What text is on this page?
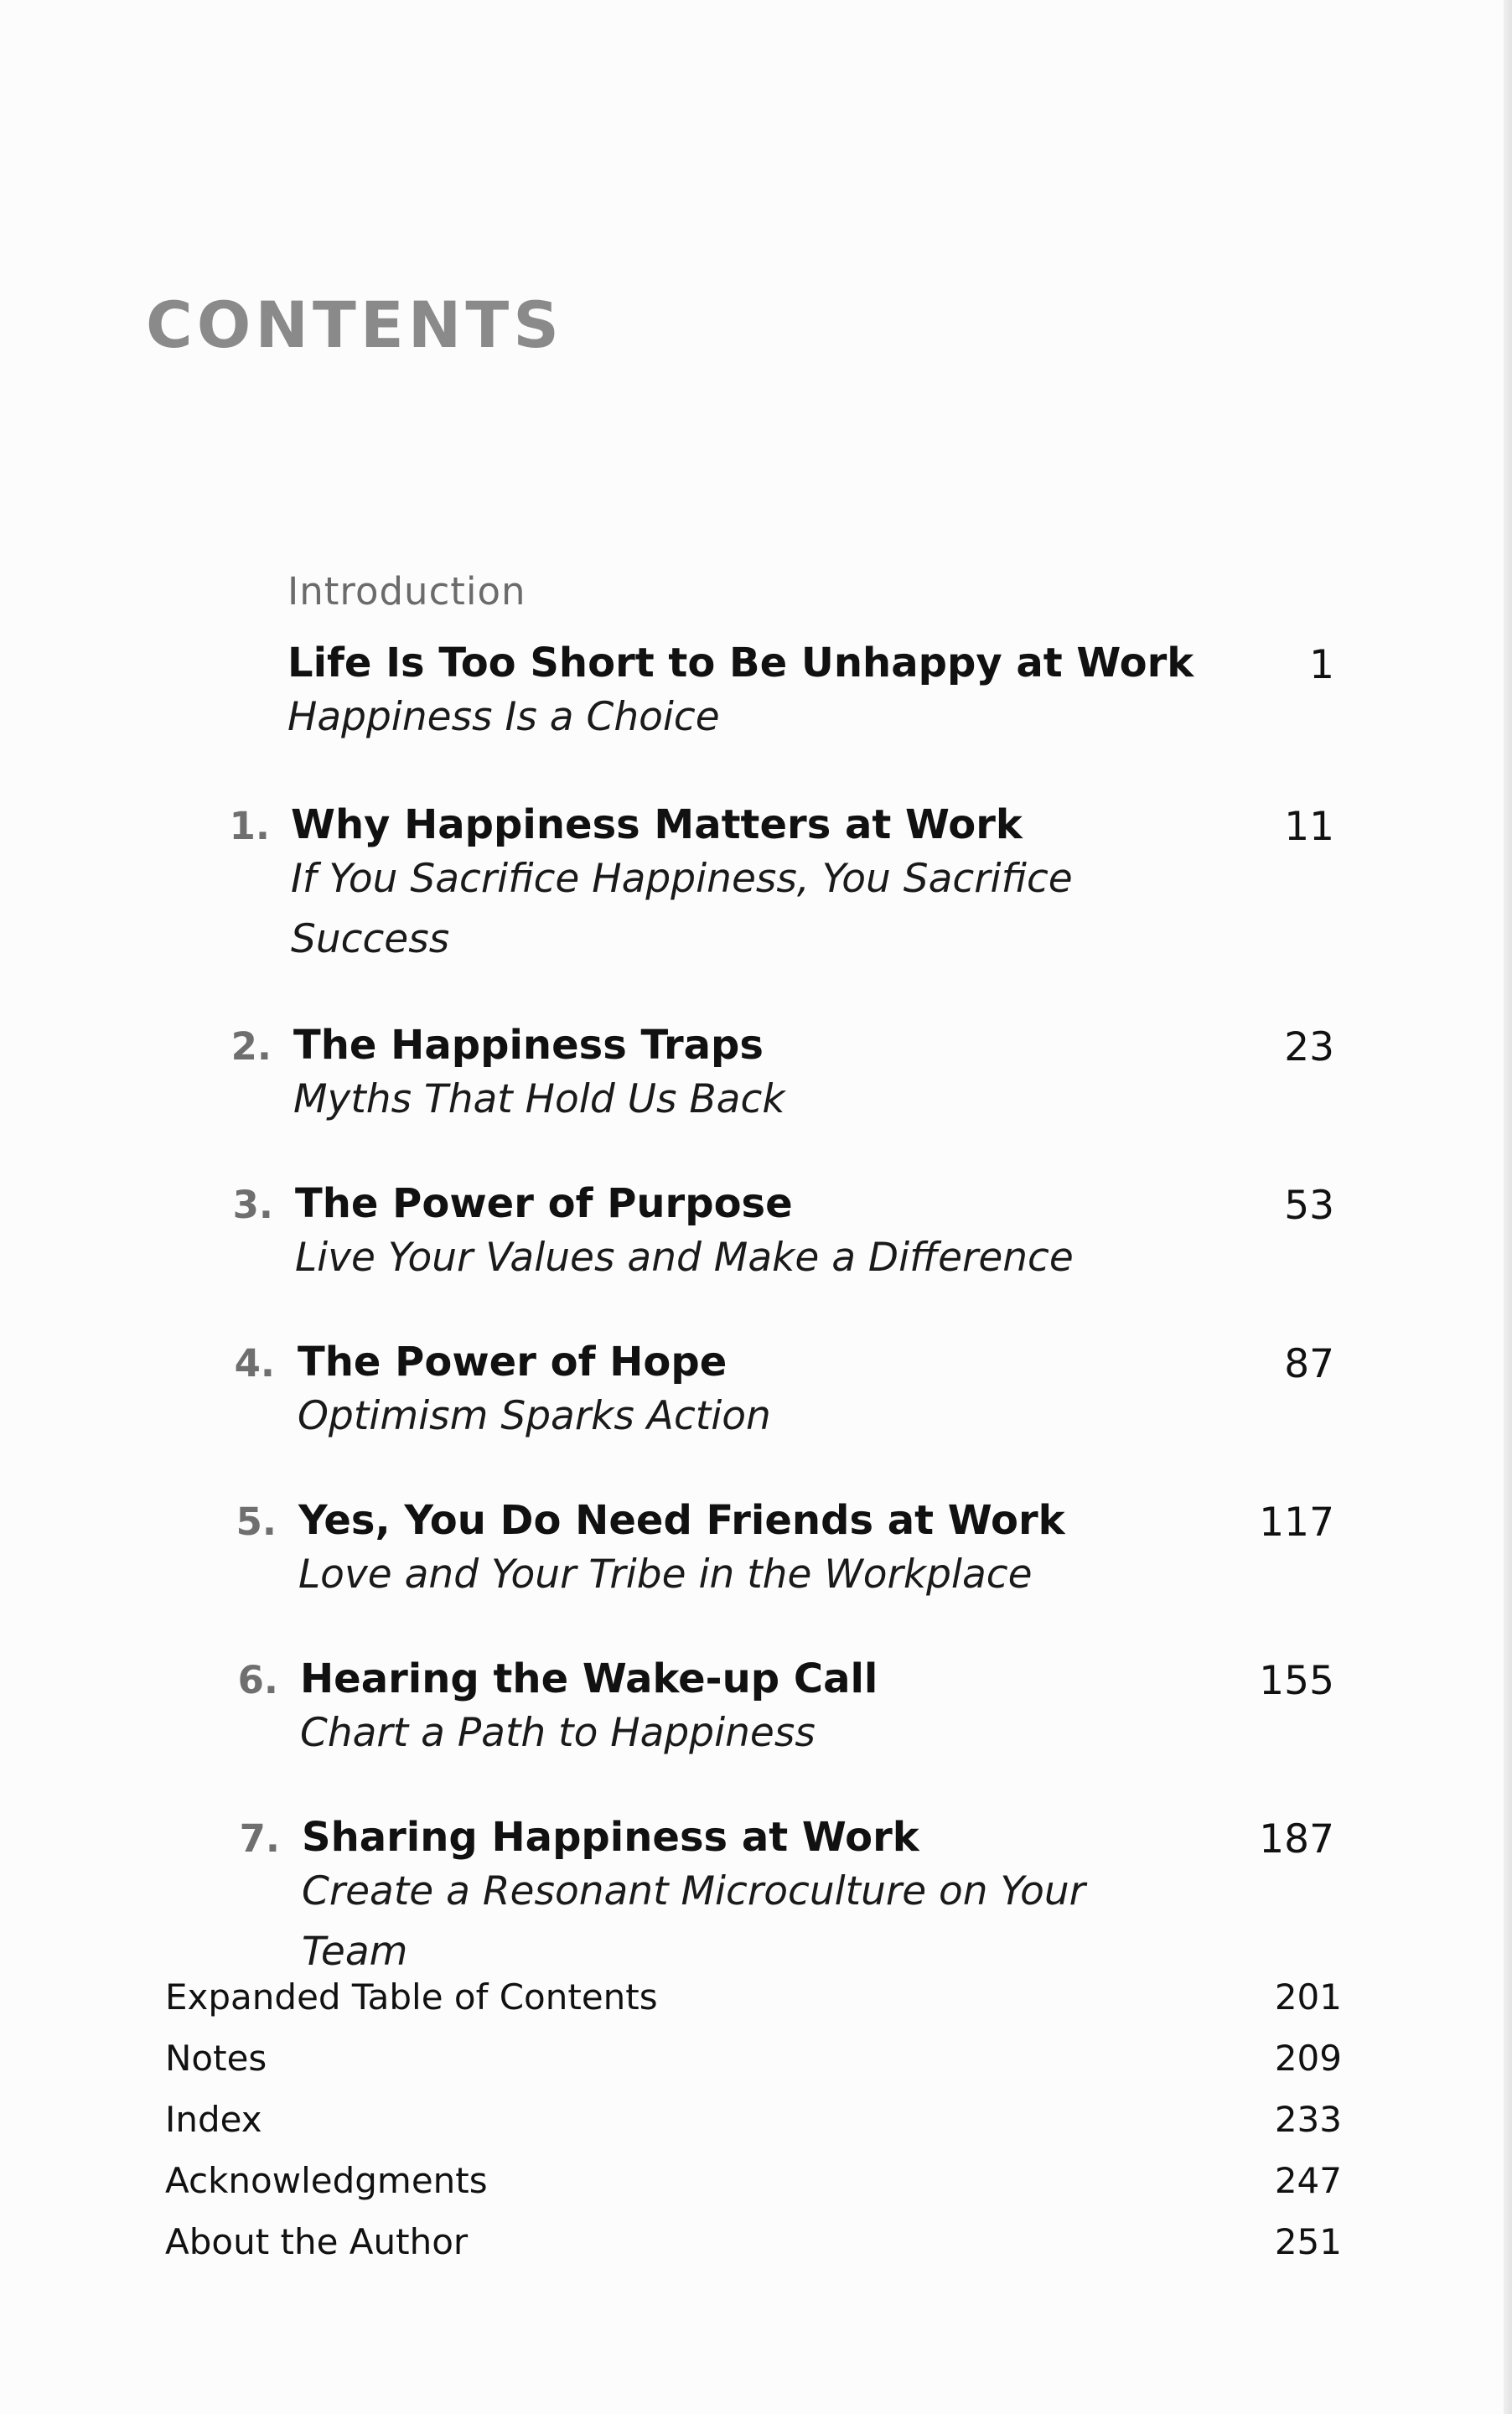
CONTENTS
Introduction
Life Is Too Short to Be Unhappy at Work	1
Happiness Is a Choice
1. Why Happiness Matters at Work	11
If You Sacrifice Happiness, You Sacrifice Success
2. The Happiness Traps	23
Myths That Hold Us Back
3. The Power of Purpose	53
Live Your Values and Make a Difference
4. The Power of Hope	87
Optimism Sparks Action
5. Yes, You Do Need Friends at Work	117
Love and Your Tribe in the Workplace
6. Hearing the Wake-up Call	155
Chart a Path to Happiness
7. Sharing Happiness at Work	187
Create a Resonant Microculture on Your Team
Expanded Table of Contents	201
Notes	209
Index	233
Acknowledgments	247
About the Author	251
